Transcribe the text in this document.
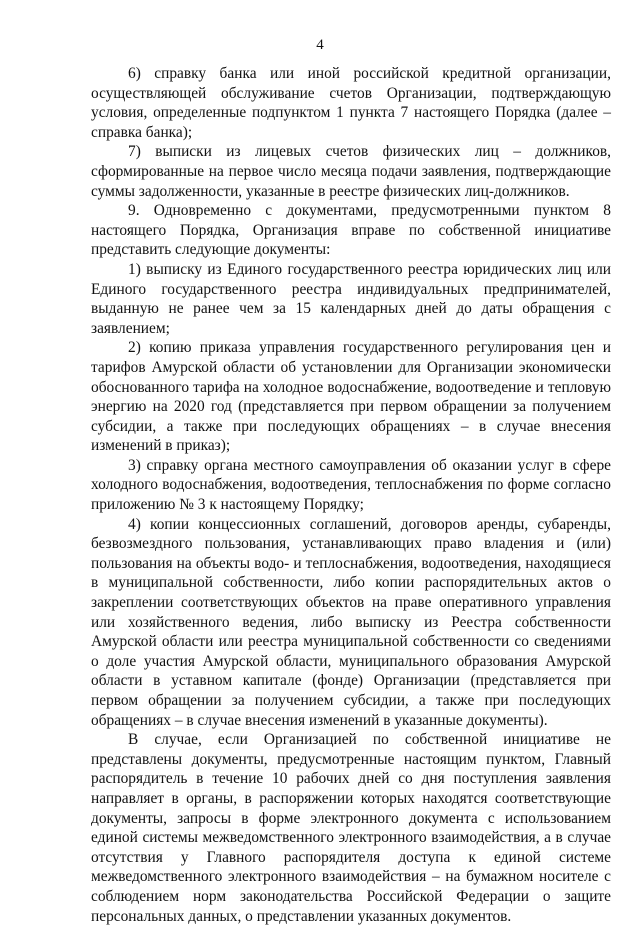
4

6) справку банка или иной российской кредитной организации, осуществляющей обслуживание счетов Организации, подтверждающую условия, определенные подпунктом 1 пункта 7 настоящего Порядка (далее – справка банка);

7) выписки из лицевых счетов физических лиц – должников, сформированные на первое число месяца подачи заявления, подтверждающие суммы задолженности, указанные в реестре физических лиц-должников.

9. Одновременно с документами, предусмотренными пунктом 8 настоящего Порядка, Организация вправе по собственной инициативе представить следующие документы:

1) выписку из Единого государственного реестра юридических лиц или Единого государственного реестра индивидуальных предпринимателей, выданную не ранее чем за 15 календарных дней до даты обращения с заявлением;

2) копию приказа управления государственного регулирования цен и тарифов Амурской области об установлении для Организации экономически обоснованного тарифа на холодное водоснабжение, водоотведение и тепловую энергию на 2020 год (представляется при первом обращении за получением субсидии, а также при последующих обращениях – в случае внесения изменений в приказ);

3) справку органа местного самоуправления об оказании услуг в сфере холодного водоснабжения, водоотведения, теплоснабжения по форме согласно приложению № 3 к настоящему Порядку;

4) копии концессионных соглашений, договоров аренды, субаренды, безвозмездного пользования, устанавливающих право владения и (или) пользования на объекты водо- и теплоснабжения, водоотведения, находящиеся в муниципальной собственности, либо копии распорядительных актов о закреплении соответствующих объектов на праве оперативного управления или хозяйственного ведения, либо выписку из Реестра собственности Амурской области или реестра муниципальной собственности со сведениями о доле участия Амурской области, муниципального образования Амурской области в уставном капитале (фонде) Организации (представляется при первом обращении за получением субсидии, а также при последующих обращениях – в случае внесения изменений в указанные документы).

В случае, если Организацией по собственной инициативе не представлены документы, предусмотренные настоящим пунктом, Главный распорядитель в течение 10 рабочих дней со дня поступления заявления направляет в органы, в распоряжении которых находятся соответствующие документы, запросы в форме электронного документа с использованием единой системы межведомственного электронного взаимодействия, а в случае отсутствия у Главного распорядителя доступа к единой системе межведомственного электронного взаимодействия – на бумажном носителе с соблюдением норм законодательства Российской Федерации о защите персональных данных, о представлении указанных документов.
